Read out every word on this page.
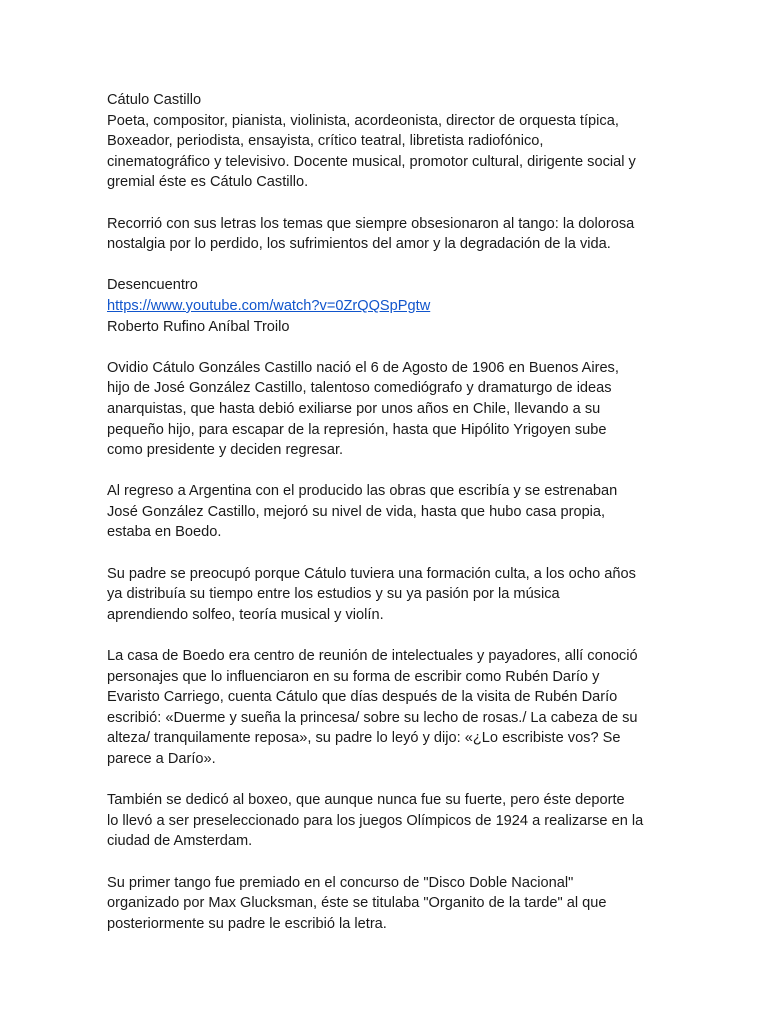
Cátulo Castillo
Poeta, compositor, pianista, violinista, acordeonista, director de orquesta típica,
Boxeador, periodista, ensayista, crítico teatral, libretista radiofónico,
cinematográfico y televisivo. Docente musical, promotor cultural, dirigente social y
gremial éste es Cátulo Castillo.
Recorrió con sus letras los temas que siempre obsesionaron al tango: la dolorosa
nostalgia por lo perdido, los sufrimientos del amor y la degradación de la vida.
Desencuentro
https://www.youtube.com/watch?v=0ZrQQSpPgtw
Roberto Rufino Aníbal Troilo
Ovidio Cátulo Gonzáles Castillo nació el 6 de Agosto de 1906 en Buenos Aires,
hijo de José González Castillo, talentoso comediógrafo y dramaturgo de ideas
anarquistas, que hasta debió exiliarse por unos años en Chile, llevando a su
pequeño hijo, para escapar de la represión, hasta que Hipólito Yrigoyen sube
como presidente y deciden regresar.
Al regreso a Argentina con el producido las obras que escribía y se estrenaban
José González Castillo, mejoró su nivel de vida, hasta que hubo casa propia,
estaba en Boedo.
Su padre se preocupó porque Cátulo tuviera una formación culta, a los ocho años
ya distribuía su tiempo entre los estudios y su ya pasión por la música
aprendiendo solfeo, teoría musical y violín.
La casa de Boedo era centro de reunión de intelectuales y payadores, allí conoció
personajes que lo influenciaron en su forma de escribir como Rubén Darío y
Evaristo Carriego, cuenta Cátulo que días después de la visita de Rubén Darío
escribió: «Duerme y sueña la princesa/ sobre su lecho de rosas./ La cabeza de su
alteza/ tranquilamente reposa», su padre lo leyó y dijo: «¿Lo escribiste vos? Se
parece a Darío».
También se dedicó al boxeo, que aunque nunca fue su fuerte, pero éste deporte
lo llevó a ser preseleccionado para los juegos Olímpicos de 1924 a realizarse en la
ciudad de Amsterdam.
Su primer tango fue premiado en el concurso de "Disco Doble Nacional"
organizado por Max Glucksman, éste se titulaba "Organito de la tarde" al que
posteriormente su padre le escribió la letra.
